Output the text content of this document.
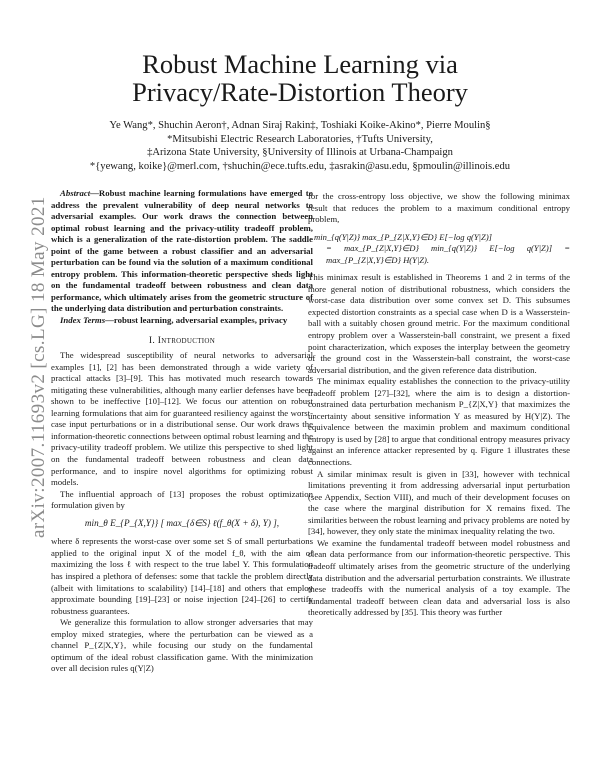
Robust Machine Learning via
Privacy/Rate-Distortion Theory
Ye Wang*, Shuchin Aeron†, Adnan Siraj Rakin‡, Toshiaki Koike-Akino*, Pierre Moulin§
*Mitsubishi Electric Research Laboratories, †Tufts University,
‡Arizona State University, §University of Illinois at Urbana-Champaign
*{yewang, koike}@merl.com, †shuchin@ece.tufts.edu, ‡asrakin@asu.edu, §pmoulin@illinois.edu
arXiv:2007.11693v2 [cs.LG] 18 May 2021

Abstract—Robust machine learning formulations have emerged to address the prevalent vulnerability of deep neural networks to adversarial examples. Our work draws the connection between optimal robust learning and the privacy-utility tradeoff problem, which is a generalization of the rate-distortion problem. The saddle point of the game between a robust classifier and an adversarial perturbation can be found via the solution of a maximum conditional entropy problem. This information-theoretic perspective sheds light on the fundamental tradeoff between robustness and clean data performance, which ultimately arises from the geometric structure of the underlying data distribution and perturbation constraints.

Index Terms—robust learning, adversarial examples, privacy

I. Introduction

The widespread susceptibility of neural networks to adversarial examples [1], [2] has been demonstrated through a wide variety of practical attacks [3]–[9]. This has motivated much research towards mitigating these vulnerabilities, although many earlier defenses have been shown to be ineffective [10]–[12]. We focus our attention on robust learning formulations that aim for guaranteed resiliency against the worst-case input perturbations or in a distributional sense. Our work draws the information-theoretic connections between optimal robust learning and the privacy-utility tradeoff problem. We utilize this perspective to shed light on the fundamental tradeoff between robustness and clean data performance, and to inspire novel algorithms for optimizing robust models.

The influential approach of [13] proposes the robust optimization formulation given by

min_θ E_{P_{X,Y}} [ max_{δ∈S} ℓ(f_θ(X + δ), Y) ],

where δ represents the worst-case over some set S of small perturbations applied to the original input X of the model f_θ, with the aim of maximizing the loss ℓ with respect to the true label Y. This formulation has inspired a plethora of defenses: some that tackle the problem directly (albeit with limitations to scalability) [14]–[18] and others that employ approximate bounding [19]–[23] or noise injection [24]–[26] to certify robustness guarantees.

We generalize this formulation to allow stronger adversaries that may employ mixed strategies, where the perturbation can be viewed as a channel P_{Z|X,Y}, while focusing our study on the fundamental optimum of the ideal robust classification game. With the minimization over all decision rules q(Y|Z)

for the cross-entropy loss objective, we show the following minimax result that reduces the problem to a maximum conditional entropy problem,

min_{q(Y|Z)} max_{P_{Z|X,Y}∈D} E[−log q(Y|Z)]
= max_{P_{Z|X,Y}∈D} min_{q(Y|Z)} E[−log q(Y|Z)] = max_{P_{Z|X,Y}∈D} H(Y|Z).

This minimax result is established in Theorems 1 and 2 in terms of the more general notion of distributional robustness, which considers the worst-case data distribution over some convex set D. This subsumes expected distortion constraints as a special case when D is a Wasserstein-ball with a suitably chosen ground metric. For the maximum conditional entropy problem over a Wasserstein-ball constraint, we present a fixed point characterization, which exposes the interplay between the geometry of the ground cost in the Wasserstein-ball constraint, the worst-case adversarial distribution, and the given reference data distribution.

The minimax equality establishes the connection to the privacy-utility tradeoff problem [27]–[32], where the aim is to design a distortion-constrained data perturbation mechanism P_{Z|X,Y} that maximizes the uncertainty about sensitive information Y as measured by H(Y|Z). The equivalence between the maximin problem and maximum conditional entropy is used by [28] to argue that conditional entropy measures privacy against an inference attacker represented by q. Figure 1 illustrates these connections.

A similar minimax result is given in [33], however with technical limitations preventing it from addressing adversarial input perturbation (see Appendix, Section VIII), and much of their development focuses on the case where the marginal distribution for X remains fixed. The similarities between the robust learning and privacy problems are noted by [34], however, they only state the minimax inequality relating the two.

We examine the fundamental tradeoff between model robustness and clean data performance from our information-theoretic perspective. This tradeoff ultimately arises from the geometric structure of the underlying data distribution and the adversarial perturbation constraints. We illustrate these tradeoffs with the numerical analysis of a toy example. The fundamental tradeoff between clean data and adversarial loss is also theoretically addressed by [35]. This theory was further
